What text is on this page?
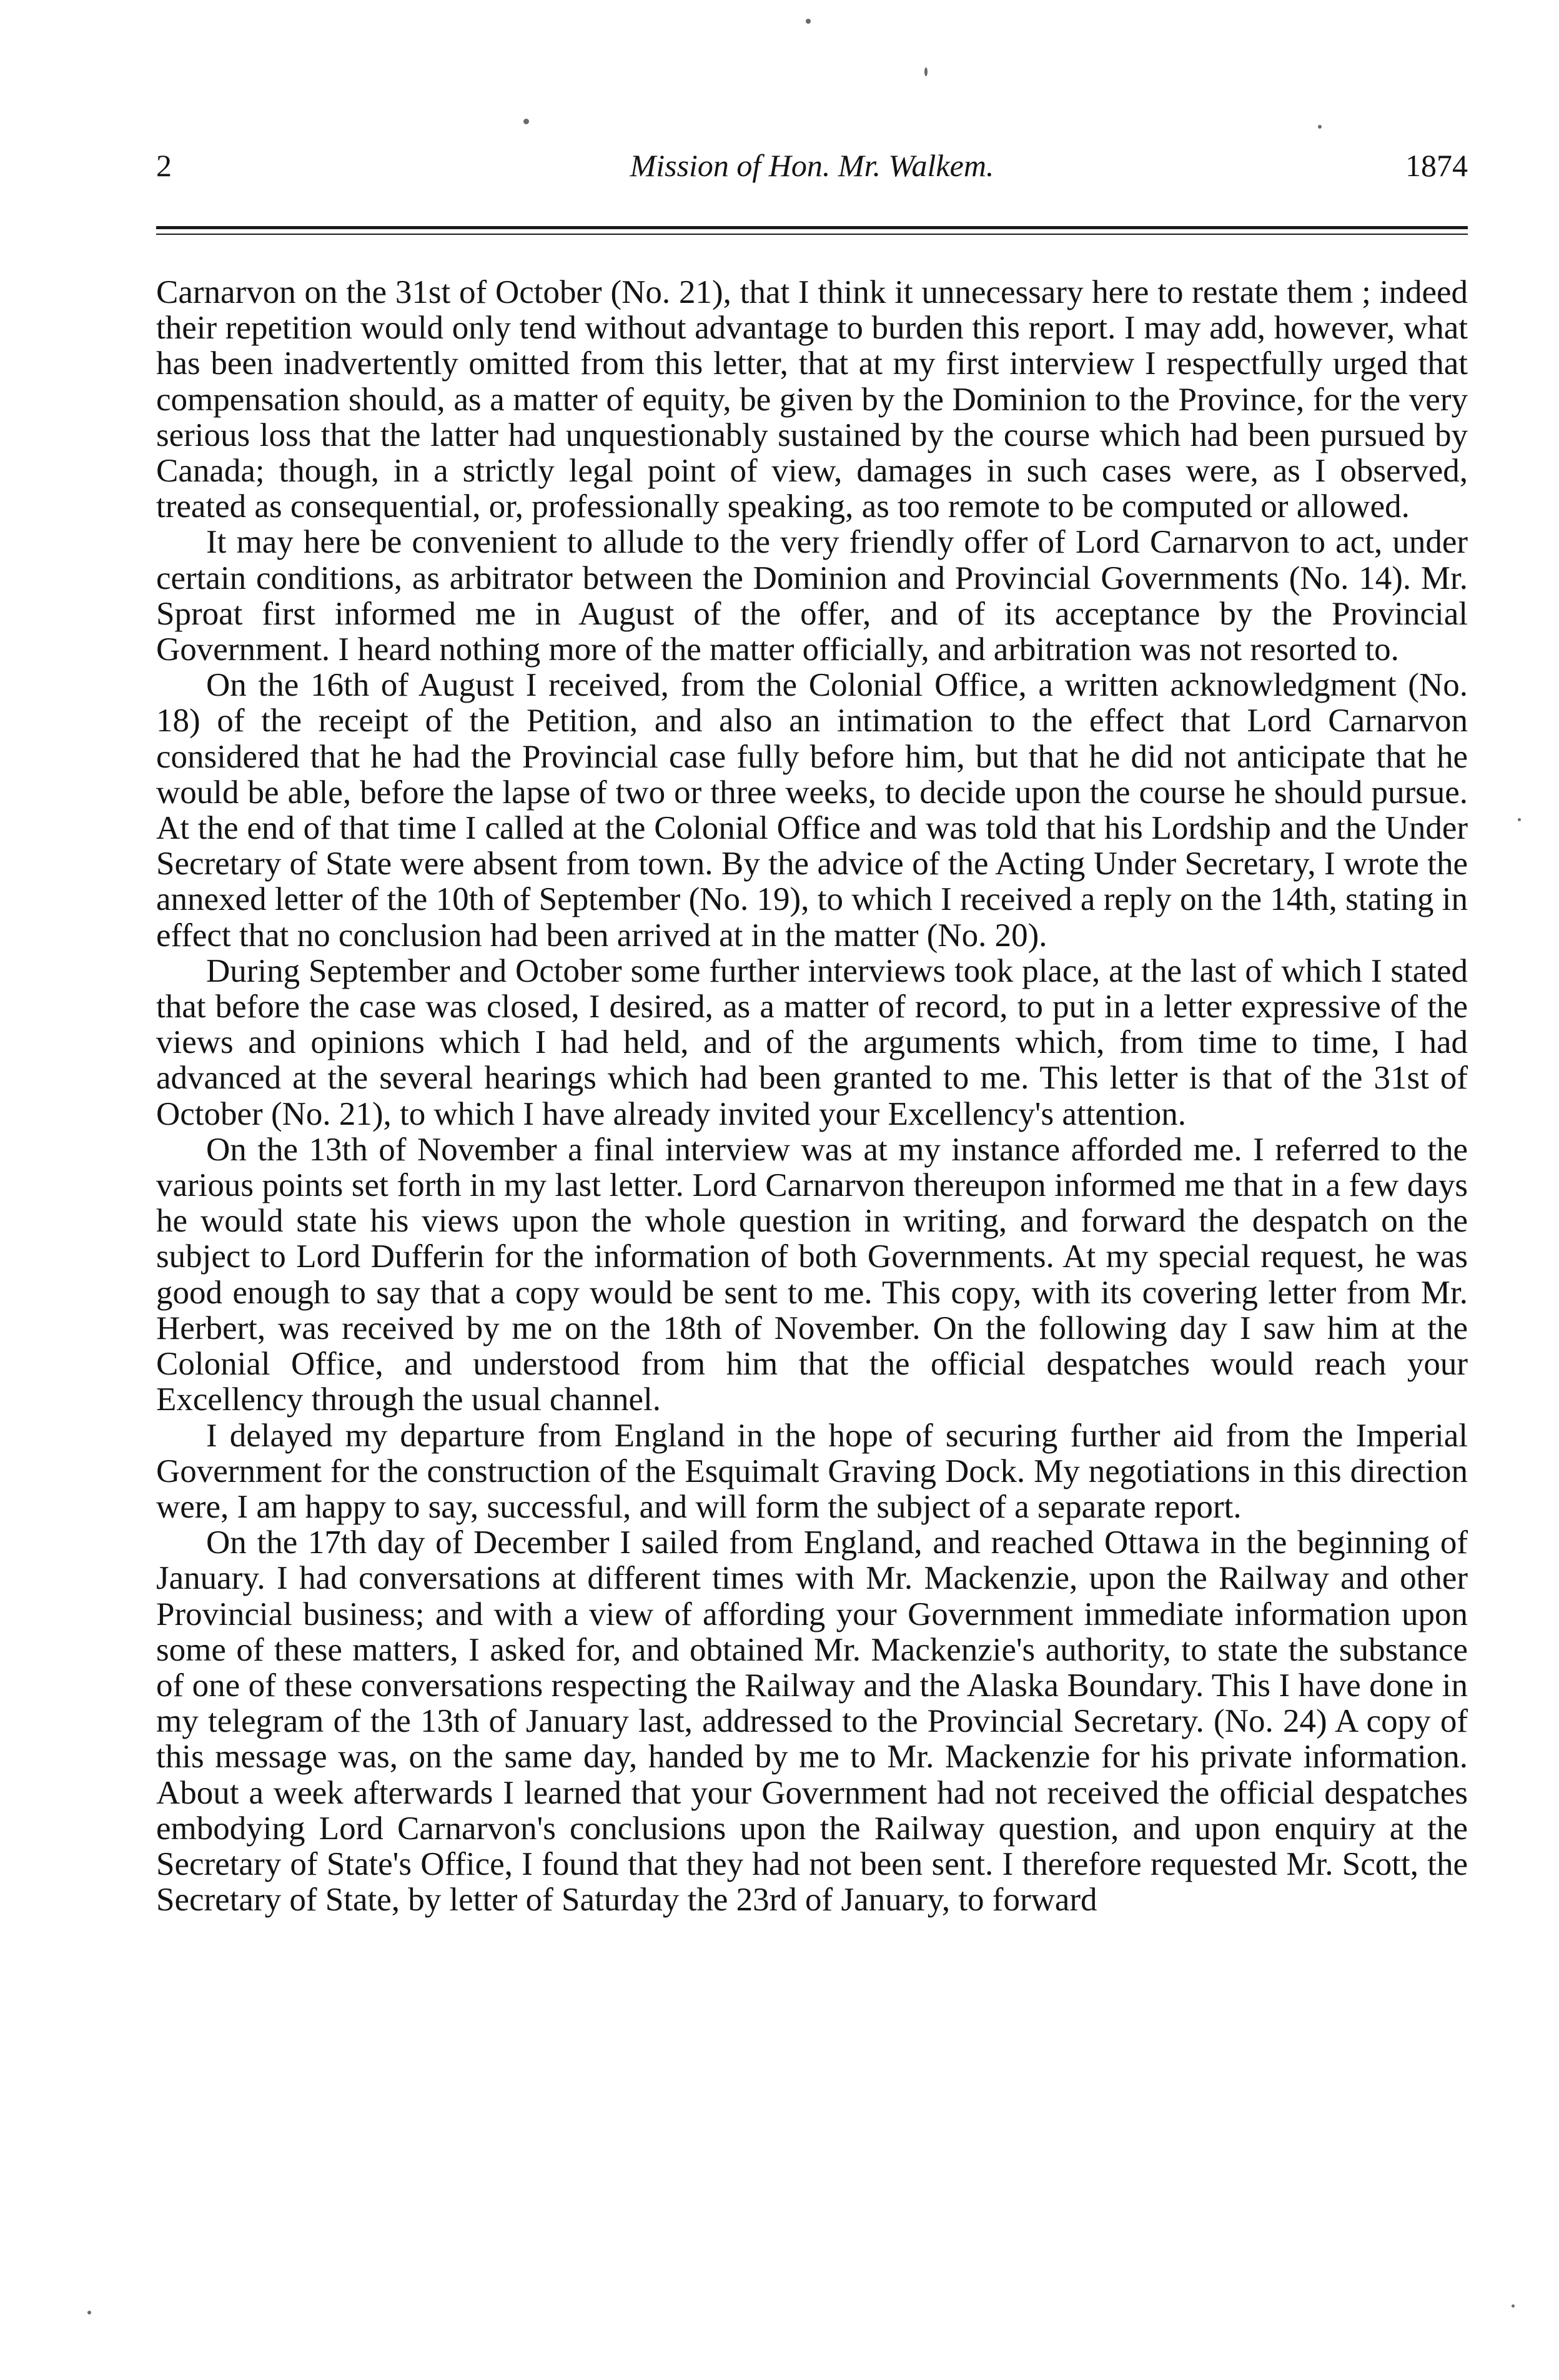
2	Mission of Hon. Mr. Walkem.	1874

Carnarvon on the 31st of October (No. 21), that I think it unnecessary here to restate them ; indeed their repetition would only tend without advantage to burden this report. I may add, however, what has been inadvertently omitted from this letter, that at my first interview I respectfully urged that compensation should, as a matter of equity, be given by the Dominion to the Province, for the very serious loss that the latter had unquestionably sustained by the course which had been pursued by Canada; though, in a strictly legal point of view, damages in such cases were, as I observed, treated as consequential, or, professionally speaking, as too remote to be computed or allowed.

It may here be convenient to allude to the very friendly offer of Lord Carnarvon to act, under certain conditions, as arbitrator between the Dominion and Provincial Governments (No. 14). Mr. Sproat first informed me in August of the offer, and of its acceptance by the Provincial Government. I heard nothing more of the matter officially, and arbitration was not resorted to.

On the 16th of August I received, from the Colonial Office, a written acknowledgment (No. 18) of the receipt of the Petition, and also an intimation to the effect that Lord Carnarvon considered that he had the Provincial case fully before him, but that he did not anticipate that he would be able, before the lapse of two or three weeks, to decide upon the course he should pursue. At the end of that time I called at the Colonial Office and was told that his Lordship and the Under Secretary of State were absent from town. By the advice of the Acting Under Secretary, I wrote the annexed letter of the 10th of September (No. 19), to which I received a reply on the 14th, stating in effect that no conclusion had been arrived at in the matter (No. 20).

During September and October some further interviews took place, at the last of which I stated that before the case was closed, I desired, as a matter of record, to put in a letter expressive of the views and opinions which I had held, and of the arguments which, from time to time, I had advanced at the several hearings which had been granted to me. This letter is that of the 31st of October (No. 21), to which I have already invited your Excellency's attention.

On the 13th of November a final interview was at my instance afforded me. I referred to the various points set forth in my last letter. Lord Carnarvon thereupon informed me that in a few days he would state his views upon the whole question in writing, and forward the despatch on the subject to Lord Dufferin for the information of both Governments. At my special request, he was good enough to say that a copy would be sent to me. This copy, with its covering letter from Mr. Herbert, was received by me on the 18th of November. On the following day I saw him at the Colonial Office, and understood from him that the official despatches would reach your Excellency through the usual channel.

I delayed my departure from England in the hope of securing further aid from the Imperial Government for the construction of the Esquimalt Graving Dock. My negotiations in this direction were, I am happy to say, successful, and will form the subject of a separate report.

On the 17th day of December I sailed from England, and reached Ottawa in the beginning of January. I had conversations at different times with Mr. Mackenzie, upon the Railway and other Provincial business; and with a view of affording your Government immediate information upon some of these matters, I asked for, and obtained Mr. Mackenzie's authority, to state the substance of one of these conversations respecting the Railway and the Alaska Boundary. This I have done in my telegram of the 13th of January last, addressed to the Provincial Secretary. (No. 24) A copy of this message was, on the same day, handed by me to Mr. Mackenzie for his private information. About a week afterwards I learned that your Government had not received the official despatches embodying Lord Carnarvon's conclusions upon the Railway question, and upon enquiry at the Secretary of State's Office, I found that they had not been sent. I therefore requested Mr. Scott, the Secretary of State, by letter of Saturday the 23rd of January, to forward
